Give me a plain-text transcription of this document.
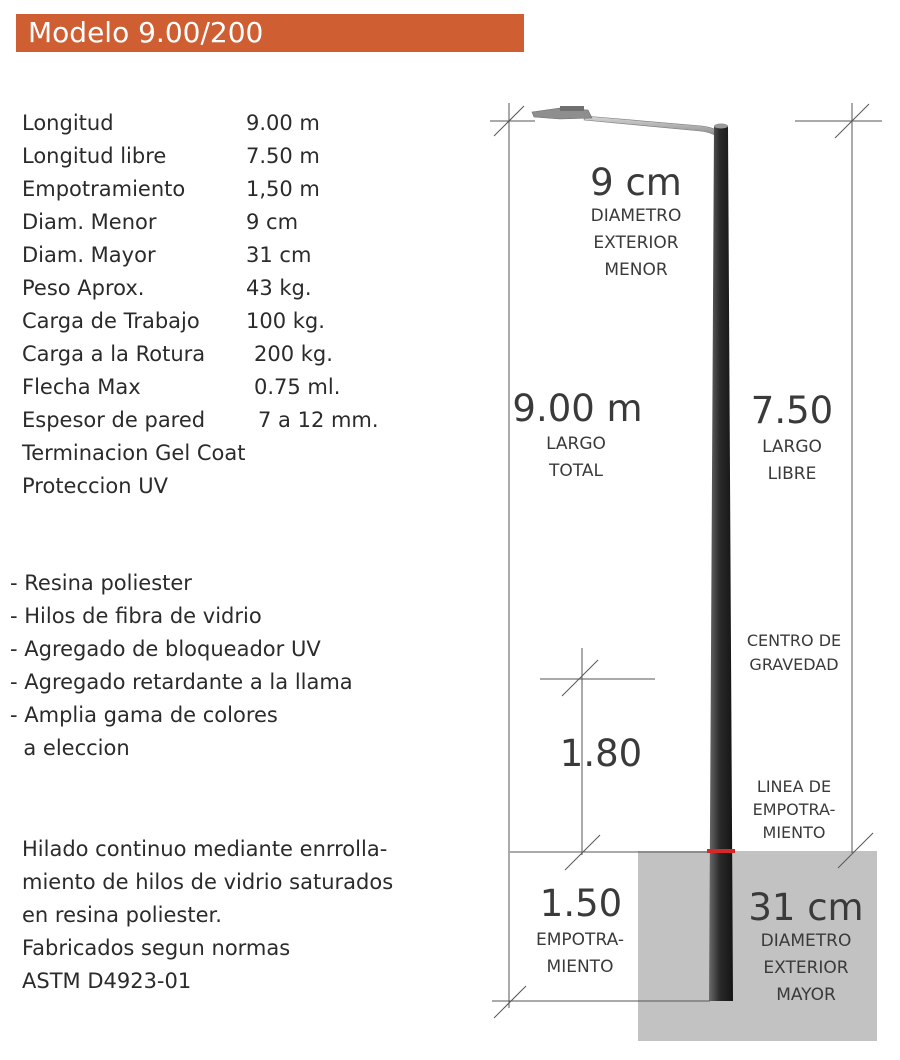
Modelo 9.00/200
Longitud	9.00 m
Longitud libre	7.50 m
Empotramiento	1,50 m
Diam. Menor	9 cm
Diam. Mayor	31 cm
Peso Aprox.	43 kg.
Carga de Trabajo 100 kg.
Carga a la Rotura 200 kg.
Flecha Max	0.75 ml.
Espesor de pared	7 a 12 mm.
Terminacion Gel Coat
Proteccion UV
- Resina poliester
- Hilos de fibra de vidrio
- Agregado de bloqueador UV
- Agregado retardante a la llama
- Amplia gama de colores
a eleccion
Hilado continuo mediante enrrolla-
miento de hilos de vidrio saturados
en resina poliester.
Fabricados segun normas
ASTM D4923-01
9 cm
DIAMETRO
EXTERIOR
MENOR
9.00 m
LARGO
TOTAL
7.50
LARGO
LIBRE
CENTRO DE
GRAVEDAD
1.80
LINEA DE
EMPOTRA-
MIENTO
1.50
EMPOTRA-
MIENTO
31 cm
DIAMETRO
EXTERIOR
MAYOR
